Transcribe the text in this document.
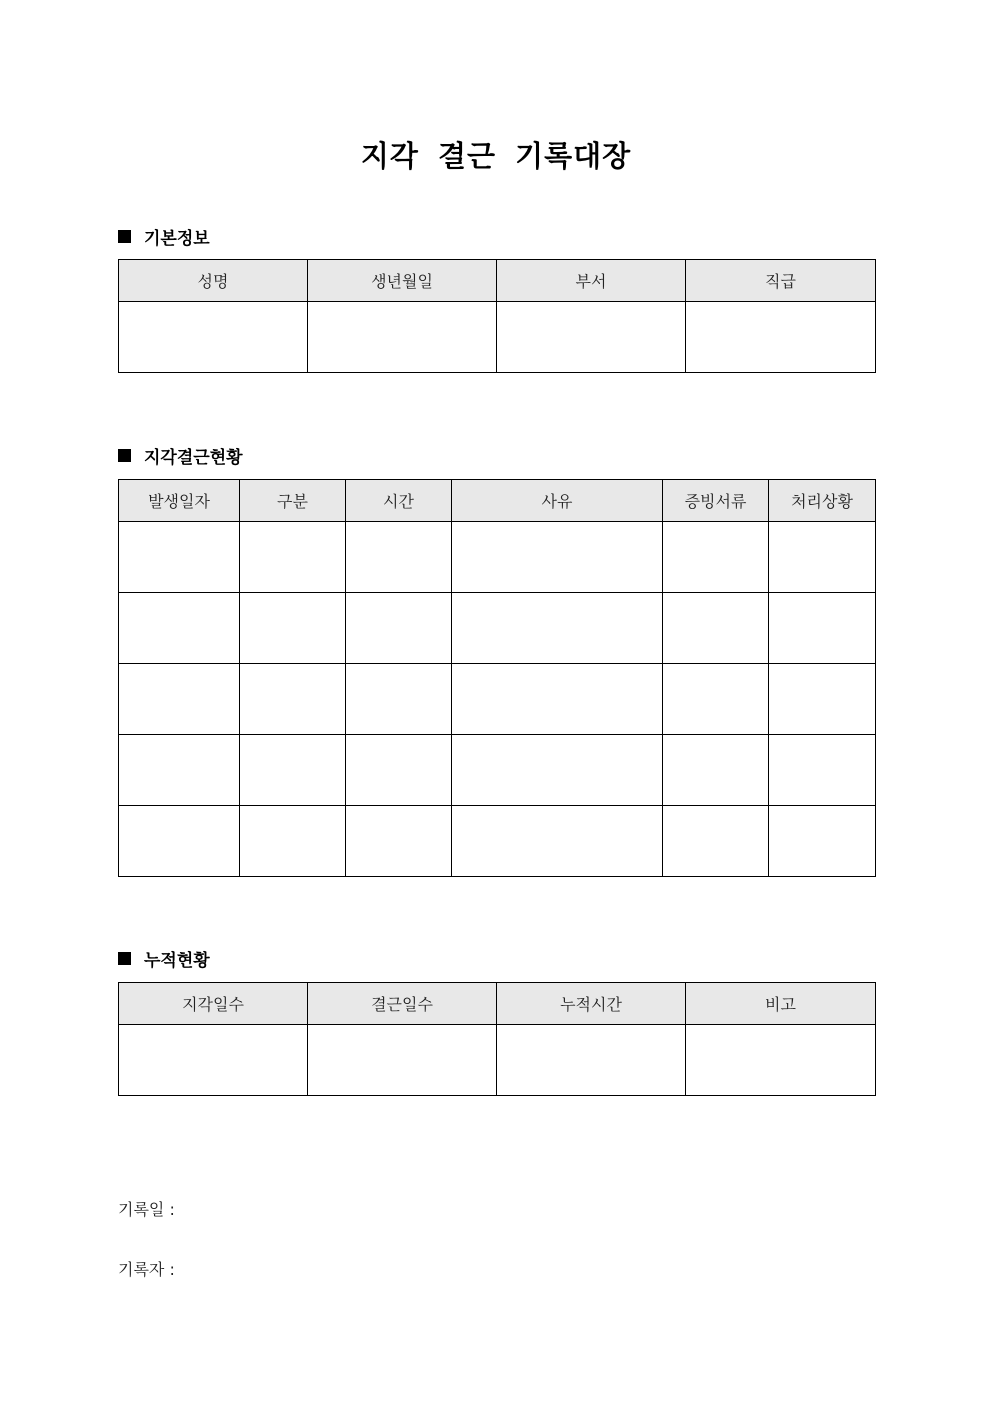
지각 결근 기록대장
기본정보
성명	생년월일	부서	직급

지각결근현황
발생일자	구분	시간	사유	증빙서류	처리상황

누적현황
지각일수	결근일수	누적시간	비고

기록일 :
기록자 :
